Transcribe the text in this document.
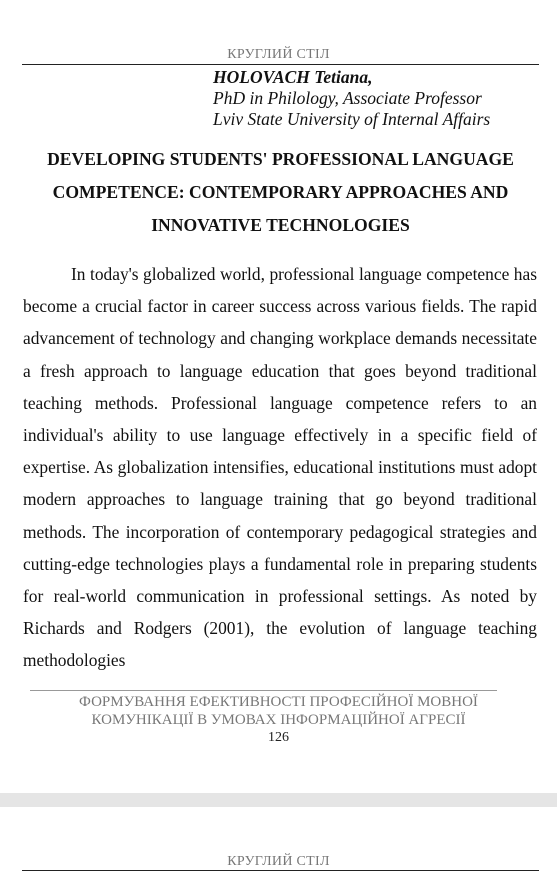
КРУГЛИЙ СТІЛ
HOLOVACH Tetiana,
PhD in Philology, Associate Professor
Lviv State University of Internal Affairs
DEVELOPING STUDENTS' PROFESSIONAL LANGUAGE COMPETENCE: CONTEMPORARY APPROACHES AND INNOVATIVE TECHNOLOGIES

In today's globalized world, professional language competence has become a crucial factor in career success across various fields. The rapid advancement of technology and changing workplace demands necessitate a fresh approach to language education that goes beyond traditional teaching methods. Professional language competence refers to an individual's ability to use language effectively in a specific field of expertise. As globalization intensifies, educational institutions must adopt modern approaches to language training that go beyond traditional methods. The incorporation of contemporary pedagogical strategies and cutting-edge technologies plays a fundamental role in preparing students for real-world communication in professional settings. As noted by Richards and Rodgers (2001), the evolution of language teaching methodologies

ФОРМУВАННЯ ЕФЕКТИВНОСТІ ПРОФЕСІЙНОЇ МОВНОЇ
КОМУНІКАЦІЇ В УМОВАХ ІНФОРМАЦІЙНОЇ АГРЕСІЇ
126
КРУГЛИЙ СТІЛ
